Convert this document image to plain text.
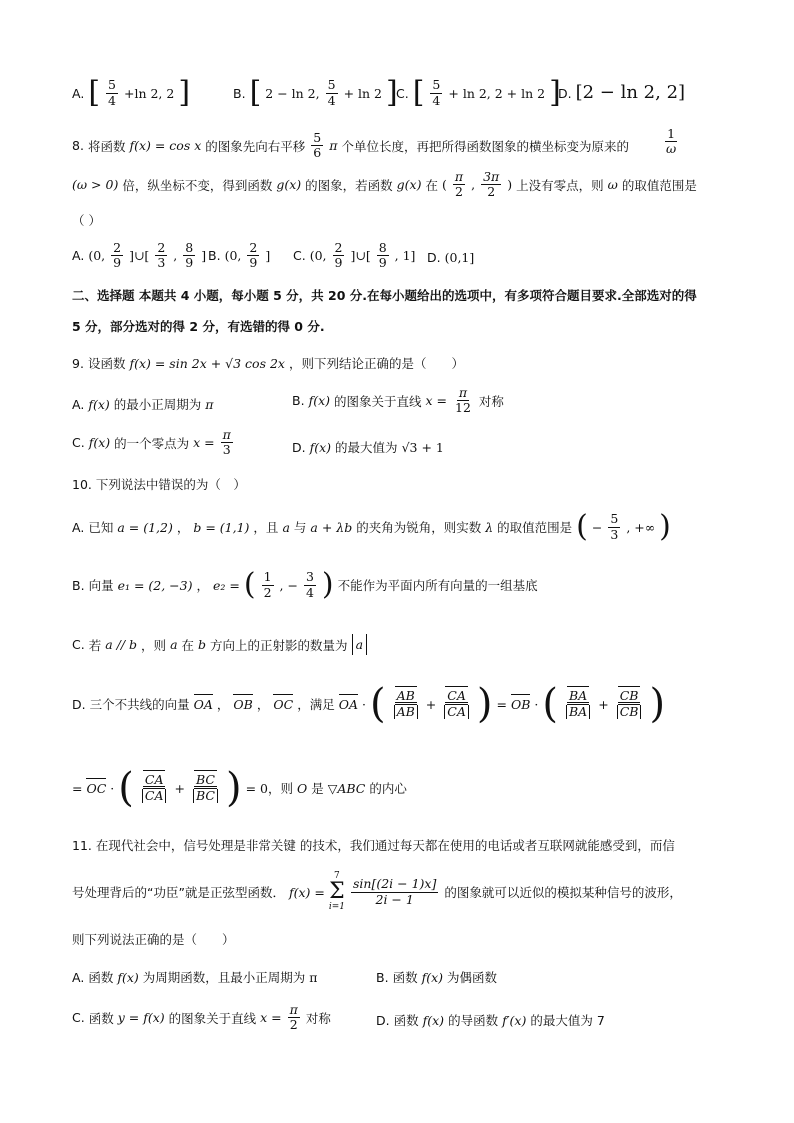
A. [ $\frac{5}{4} +\ln$ 2, 2 ]	B. [ 2 − ln 2, $\frac{5}{4} + \ln 2$ ]
C. [ $\frac{5}{4} + \ln 2$, 2 + ln 2 ]
D. [2 − ln 2, 2]
8. 将函数 f(x) = cos x 的图象先向右平移 $\frac{5}{6}$ π 个单位长度，再把所得函数图象的横坐标变为原来的	$\frac{1}{\omega}$
(ω > 0) 倍，纵坐标不变，得到函数 g(x) 的图象，若函数 g(x) 在 ( $\frac{\pi}{2}$ , $\frac{3\pi}{2}$ ) 上没有零点，则 ω 的取值范围是
（ ）
A. (0, $\frac{2}{9}$ ]∪[ $\frac{2}{3}$ , $\frac{8}{9}$ ] B. (0, $\frac{2}{9}$ ] C. (0, $\frac{2}{9}$ ]∪[ $\frac{8}{9}$ , 1] D. (0,1]
二、选择题 本题共 4 小题，每小题 5 分，共 20 分.在每小题给出的选项中，有多项符合题目要求.全部选对的得
5 分，部分选对的得 2 分，有选错的得 0 分.
9. 设函数 f(x) = sin 2x + √3 cos 2x ，则下列结论正确的是（　　）
A. f(x) 的最小正周期为 π	B. f(x) 的图象关于直线 $x = \frac{\pi}{12}$ 对称
C. f(x) 的一个零点为 $x = \frac{\pi}{3}$	D. f(x) 的最大值为 √3 + 1
10. 下列说法中错误的为（　）
A. 已知 a = (1,2) ， b = (1,1) ，且 a 与 a + λb 的夹角为锐角，则实数 λ 的取值范围是 ( − $\frac{5}{3}$ , +∞ )
B. 向量 e₁ = (2, −3) ， e₂ = ( $\frac{1}{2}$ , − $\frac{3}{4}$ ) 不能作为平面内所有向量的一组基底
C. 若 a // b ，则 a 在 b 方向上的正射影的数量为 a
D. 三个不共线的向量 OA ， OB ， OC ，满足 OA · ( $\frac{AB}{AB} + \frac{CA}{CA}$ ) = OB · ( $\frac{BA}{BA} + \frac{CB}{CB}$ )
= OC · ( $\frac{CA}{CA} + \frac{BC}{BC}$ ) = 0，则 O 是 ▽ABC 的内心
11. 在现代社会中，信号处理是非常关键 的技术，我们通过每天都在使用的电话或者互联网就能感受到，而信
号处理背后的“功臣”就是正弦型函数． f(x) =
7
Σ
i=1
$\frac{\sin[(2i - 1)x]}{2i - 1}$ 的图象就可以近似的模拟某种信号的波形，
则下列说法正确的是（　　）
A. 函数 f(x) 为周期函数，且最小正周期为 π	B. 函数 f(x) 为偶函数
C. 函数 y = f(x) 的图象关于直线 $x = \frac{\pi}{2}$ 对称	D. 函数 f(x) 的导函数 f′(x) 的最大值为 7
